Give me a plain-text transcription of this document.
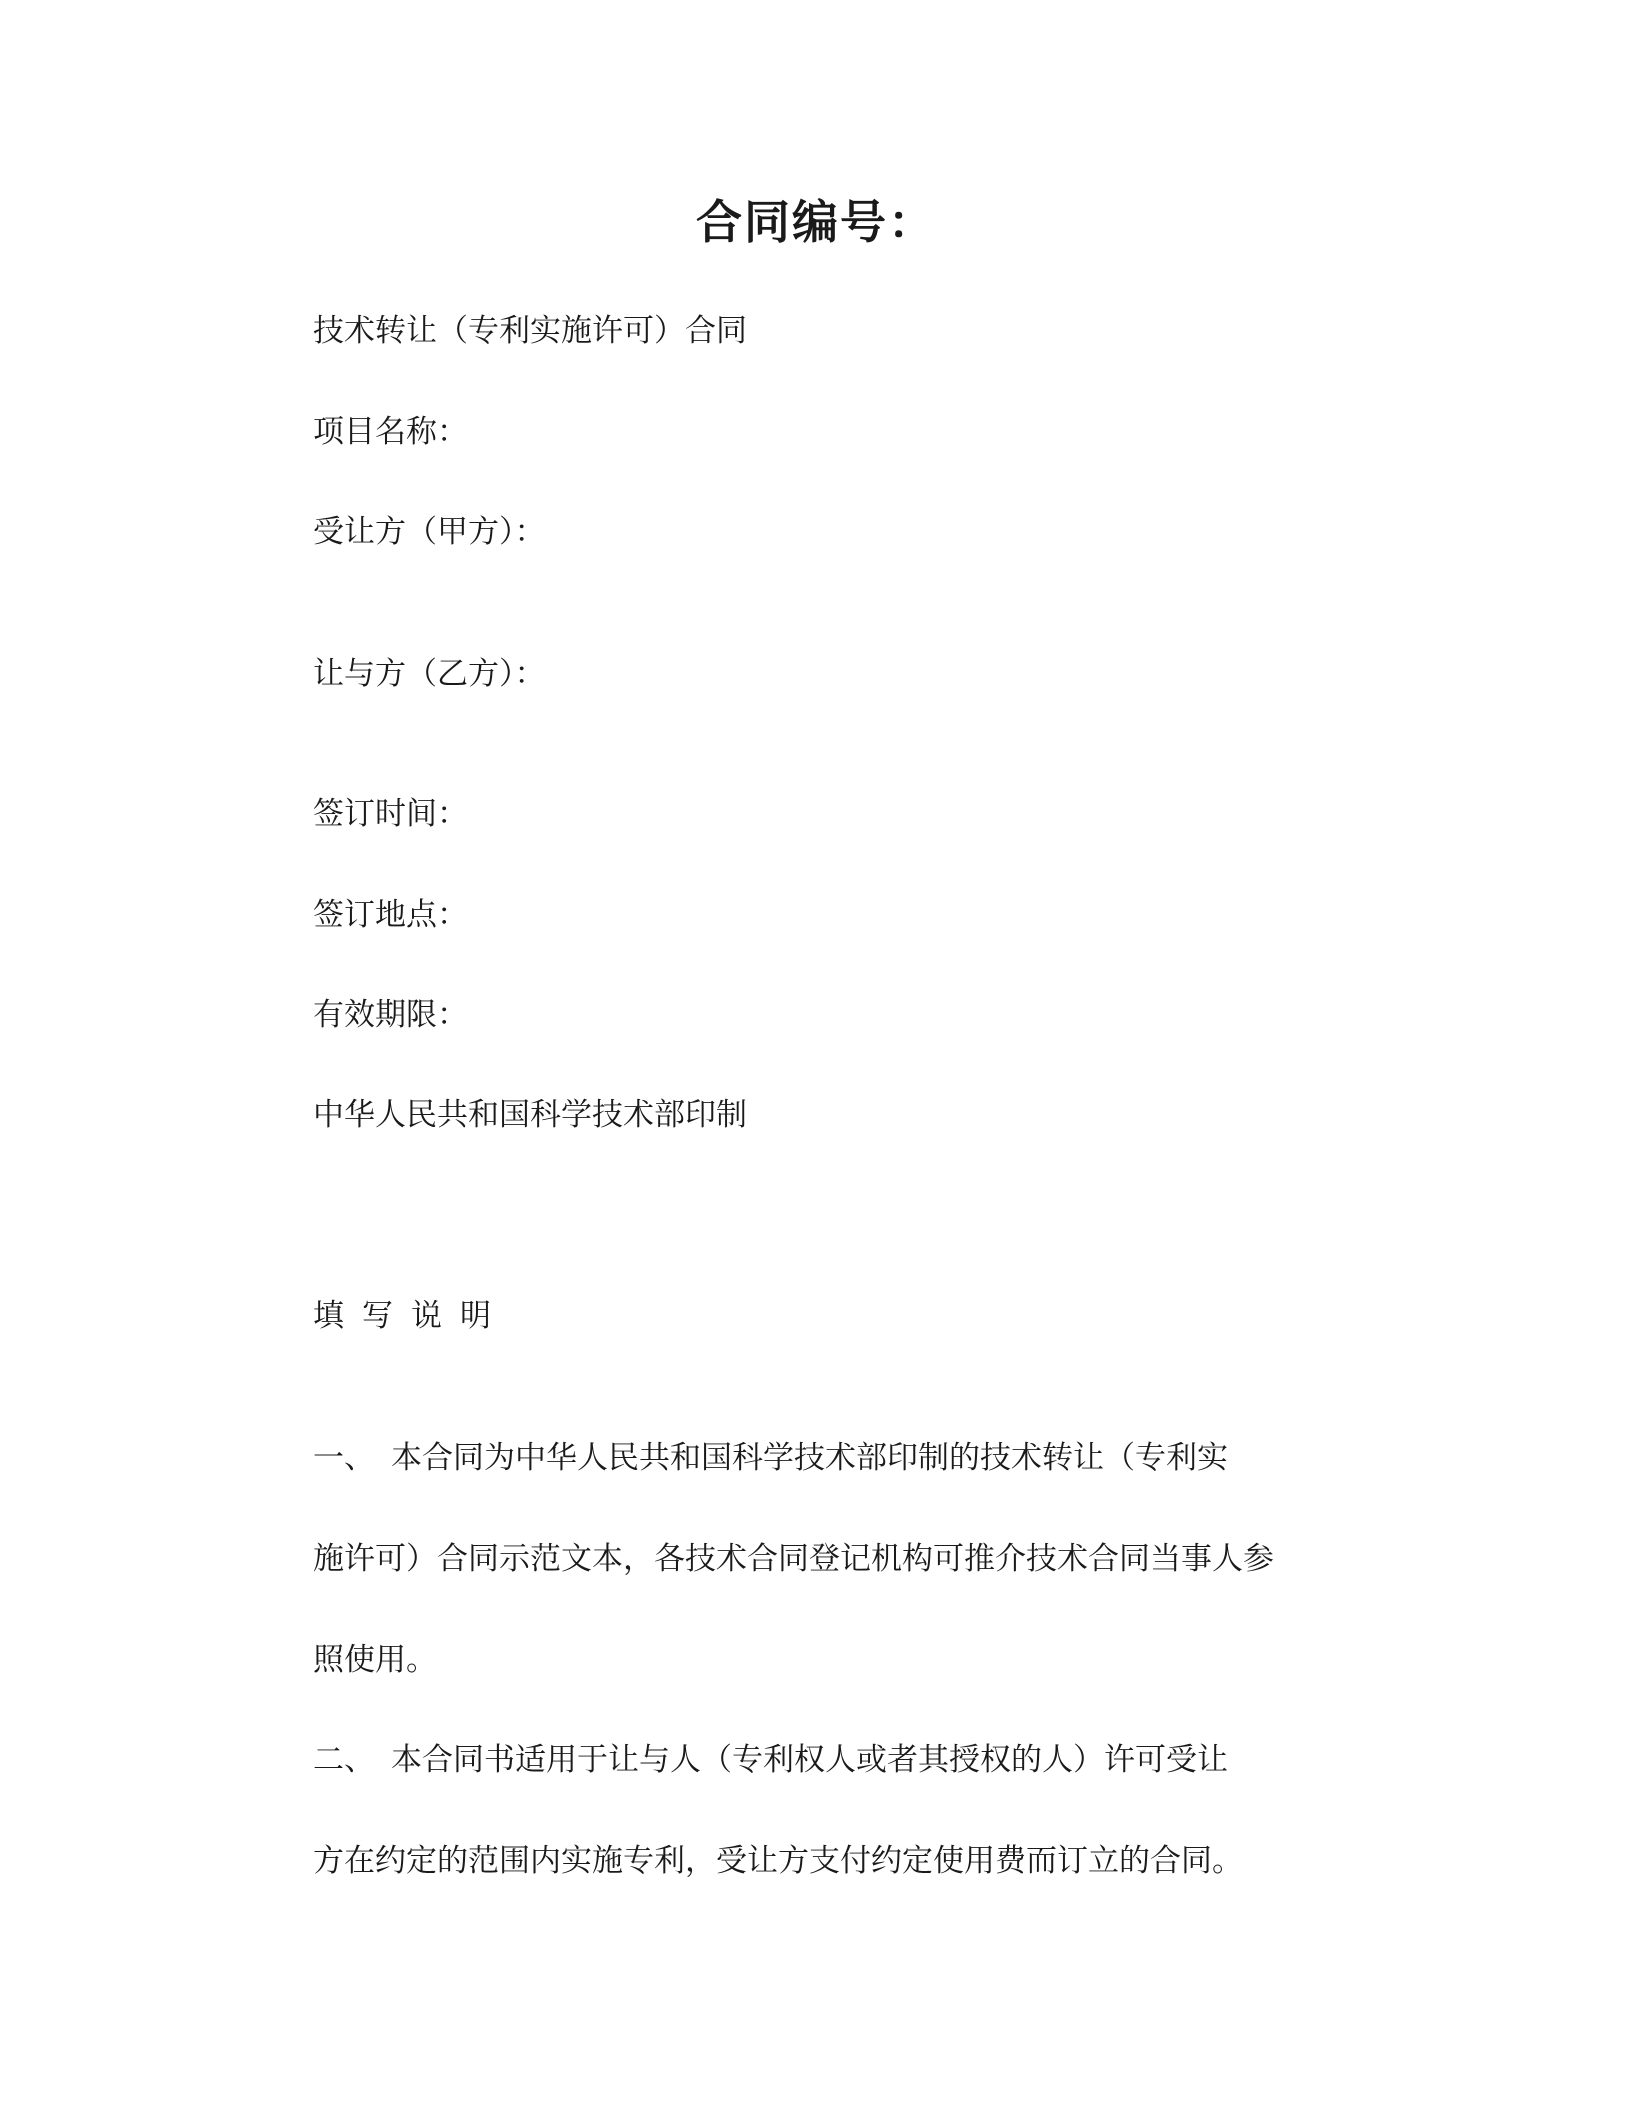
合同编号：
技术转让（专利实施许可）合同
项目名称：
受让方（甲方）：
让与方（乙方）：
签订时间：
签订地点：
有效期限：
中华人民共和国科学技术部印制
填写说明
一、 本合同为中华人民共和国科学技术部印制的技术转让（专利实
施许可）合同示范文本，各技术合同登记机构可推介技术合同当事人参
照使用。
二、 本合同书适用于让与人（专利权人或者其授权的人）许可受让
方在约定的范围内实施专利，受让方支付约定使用费而订立的合同。
